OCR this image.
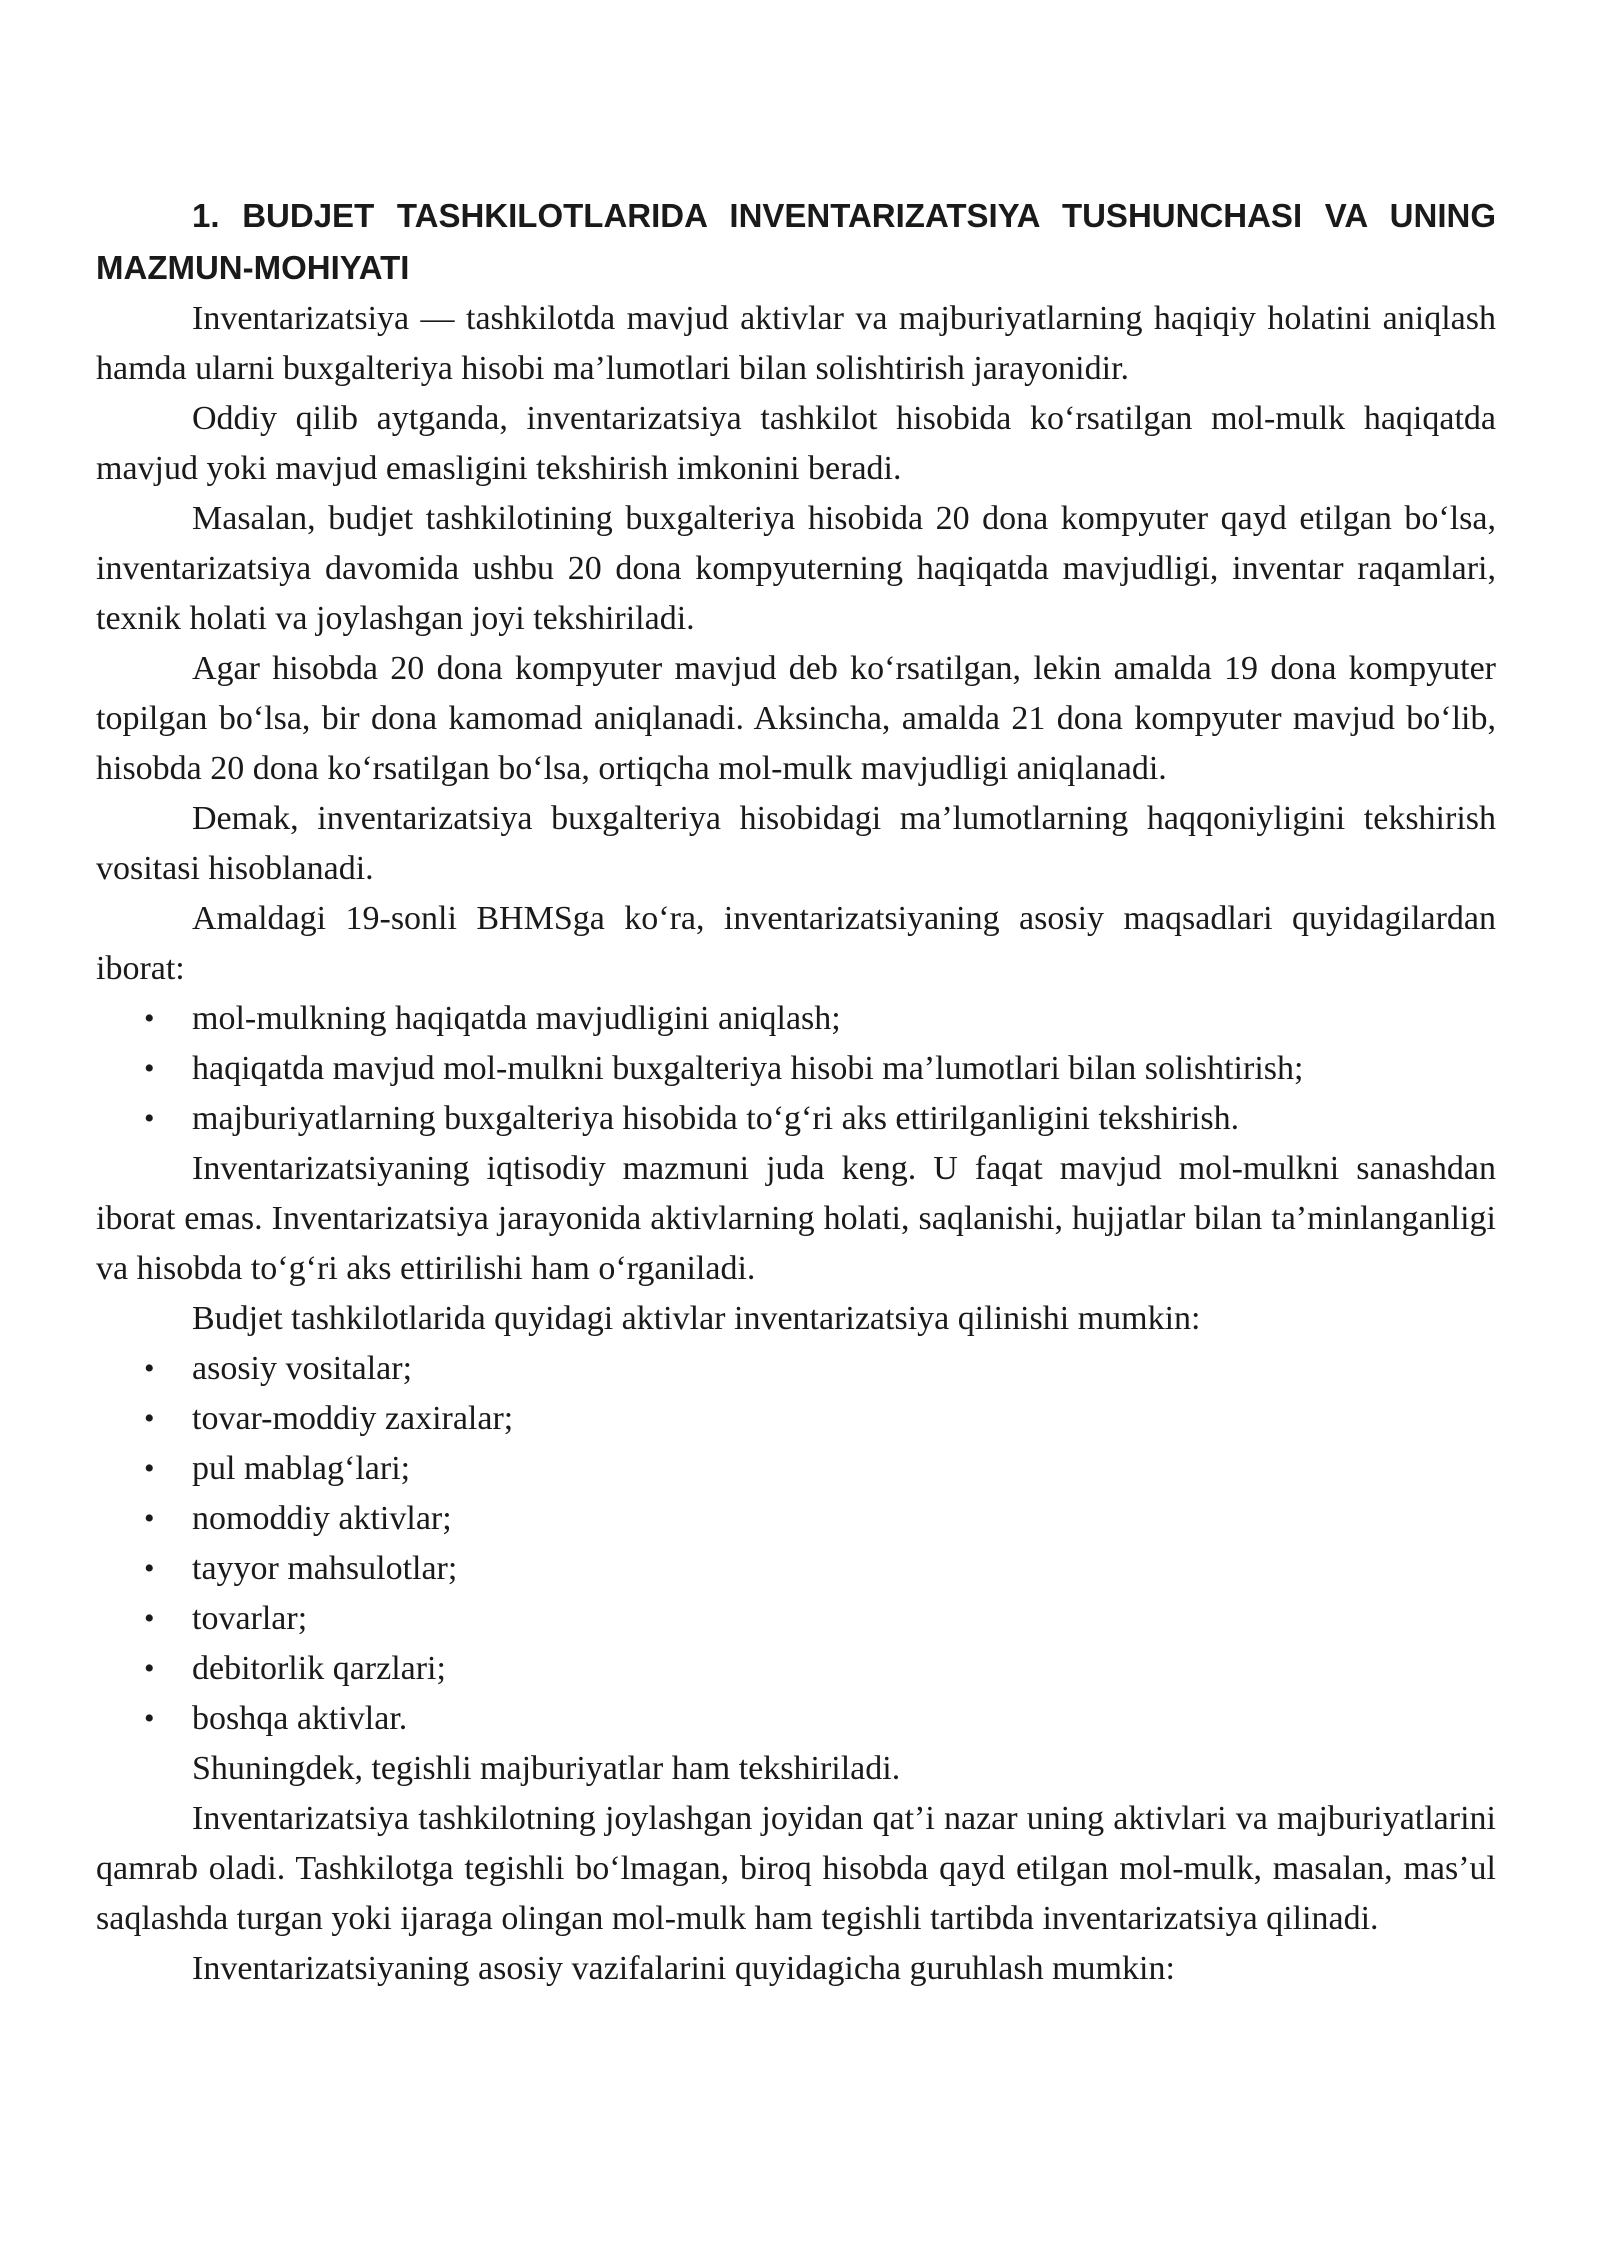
1. BUDJET TASHKILOTLARIDA INVENTARIZATSIYA TUSHUNCHASI VA UNING MAZMUN-MOHIYATI

Inventarizatsiya — tashkilotda mavjud aktivlar va majburiyatlarning haqiqiy holatini aniqlash hamda ularni buxgalteriya hisobi ma’lumotlari bilan solishtirish jarayonidir.

Oddiy qilib aytganda, inventarizatsiya tashkilot hisobida koʻrsatilgan mol-mulk haqiqatda mavjud yoki mavjud emasligini tekshirish imkonini beradi.

Masalan, budjet tashkilotining buxgalteriya hisobida 20 dona kompyuter qayd etilgan boʻlsa, inventarizatsiya davomida ushbu 20 dona kompyuterning haqiqatda mavjudligi, inventar raqamlari, texnik holati va joylashgan joyi tekshiriladi.

Agar hisobda 20 dona kompyuter mavjud deb koʻrsatilgan, lekin amalda 19 dona kompyuter topilgan boʻlsa, bir dona kamomad aniqlanadi. Aksincha, amalda 21 dona kompyuter mavjud boʻlib, hisobda 20 dona koʻrsatilgan boʻlsa, ortiqcha mol-mulk mavjudligi aniqlanadi.

Demak, inventarizatsiya buxgalteriya hisobidagi ma’lumotlarning haqqoniyligini tekshirish vositasi hisoblanadi.

Amaldagi 19-sonli BHMSga koʻra, inventarizatsiyaning asosiy maqsadlari quyidagilardan iborat:

• mol-mulkning haqiqatda mavjudligini aniqlash;
• haqiqatda mavjud mol-mulkni buxgalteriya hisobi ma’lumotlari bilan solishtirish;
• majburiyatlarning buxgalteriya hisobida toʻgʻri aks ettirilganligini tekshirish.

Inventarizatsiyaning iqtisodiy mazmuni juda keng. U faqat mavjud mol-mulkni sanashdan iborat emas. Inventarizatsiya jarayonida aktivlarning holati, saqlanishi, hujjatlar bilan ta’minlanganligi va hisobda toʻgʻri aks ettirilishi ham oʻrganiladi.

Budjet tashkilotlarida quyidagi aktivlar inventarizatsiya qilinishi mumkin:

• asosiy vositalar;
• tovar-moddiy zaxiralar;
• pul mablagʻlari;
• nomoddiy aktivlar;
• tayyor mahsulotlar;
• tovarlar;
• debitorlik qarzlari;
• boshqa aktivlar.

Shuningdek, tegishli majburiyatlar ham tekshiriladi.

Inventarizatsiya tashkilotning joylashgan joyidan qat’i nazar uning aktivlari va majburiyatlarini qamrab oladi. Tashkilotga tegishli boʻlmagan, biroq hisobda qayd etilgan mol-mulk, masalan, mas’ul saqlashda turgan yoki ijaraga olingan mol-mulk ham tegishli tartibda inventarizatsiya qilinadi.

Inventarizatsiyaning asosiy vazifalarini quyidagicha guruhlash mumkin:
